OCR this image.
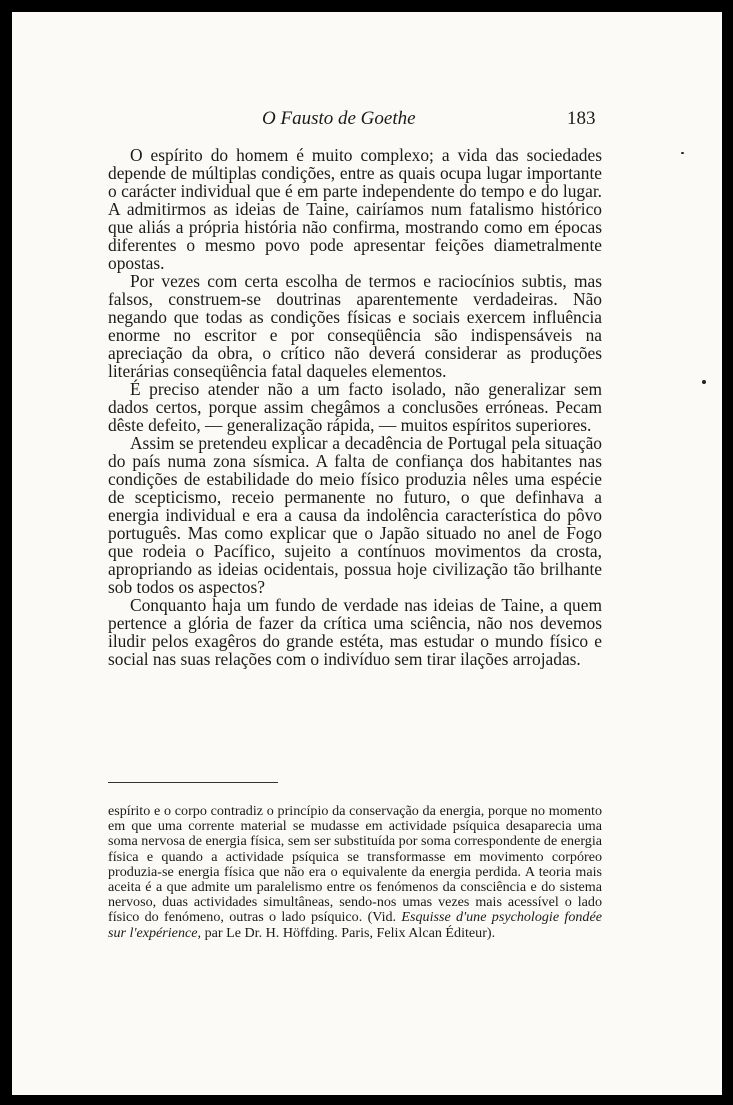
O Fausto de Goethe	183

O espírito do homem é muito complexo; a vida das sociedades depende de múltiplas condições, entre as quais ocupa lugar importante o carácter individual que é em parte independente do tempo e do lugar. A admitirmos as ideias de Taine, cairíamos num fatalismo histórico que aliás a própria história não confirma, mostrando como em épocas diferentes o mesmo povo pode apresentar feições diametralmente opostas.

Por vezes com certa escolha de termos e raciocínios subtis, mas falsos, construem-se doutrinas aparentemente verdadeiras. Não negando que todas as condições físicas e sociais exercem influência enorme no escritor e por conseqüência são indispensáveis na apreciação da obra, o crítico não deverá considerar as produções literárias conseqüência fatal daqueles elementos.

É preciso atender não a um facto isolado, não generalizar sem dados certos, porque assim chegâmos a conclusões erróneas. Pecam dêste defeito, — generalização rápida, — muitos espíritos superiores.

Assim se pretendeu explicar a decadência de Portugal pela situação do país numa zona sísmica. A falta de confiança dos habitantes nas condições de estabilidade do meio físico produzia nêles uma espécie de scepticismo, receio permanente no futuro, o que definhava a energia individual e era a causa da indolência característica do pôvo português. Mas como explicar que o Japão situado no anel de Fogo que rodeia o Pacífico, sujeito a contínuos movimentos da crosta, apropriando as ideias ocidentais, possua hoje civilização tão brilhante sob todos os aspectos?

Conquanto haja um fundo de verdade nas ideias de Taine, a quem pertence a glória de fazer da crítica uma sciência, não nos devemos iludir pelos exagêros do grande estéta, mas estudar o mundo físico e social nas suas relações com o indivíduo sem tirar ilações arrojadas.

espírito e o corpo contradiz o princípio da conservação da energia, porque no momento em que uma corrente material se mudasse em actividade psíquica desaparecia uma soma nervosa de energia física, sem ser substituída por soma correspondente de energia física e quando a actividade psíquica se transformasse em movimento corpóreo produzia-se energia física que não era o equivalente da energia perdida. A teoria mais aceita é a que admite um paralelismo entre os fenómenos da consciência e do sistema nervoso, duas actividades simultâneas, sendo-nos umas vezes mais acessível o lado físico do fenómeno, outras o lado psíquico. (Vid. Esquisse d'une psychologie fondée sur l'expérience, par Le Dr. H. Höffding. Paris, Felix Alcan Éditeur).
